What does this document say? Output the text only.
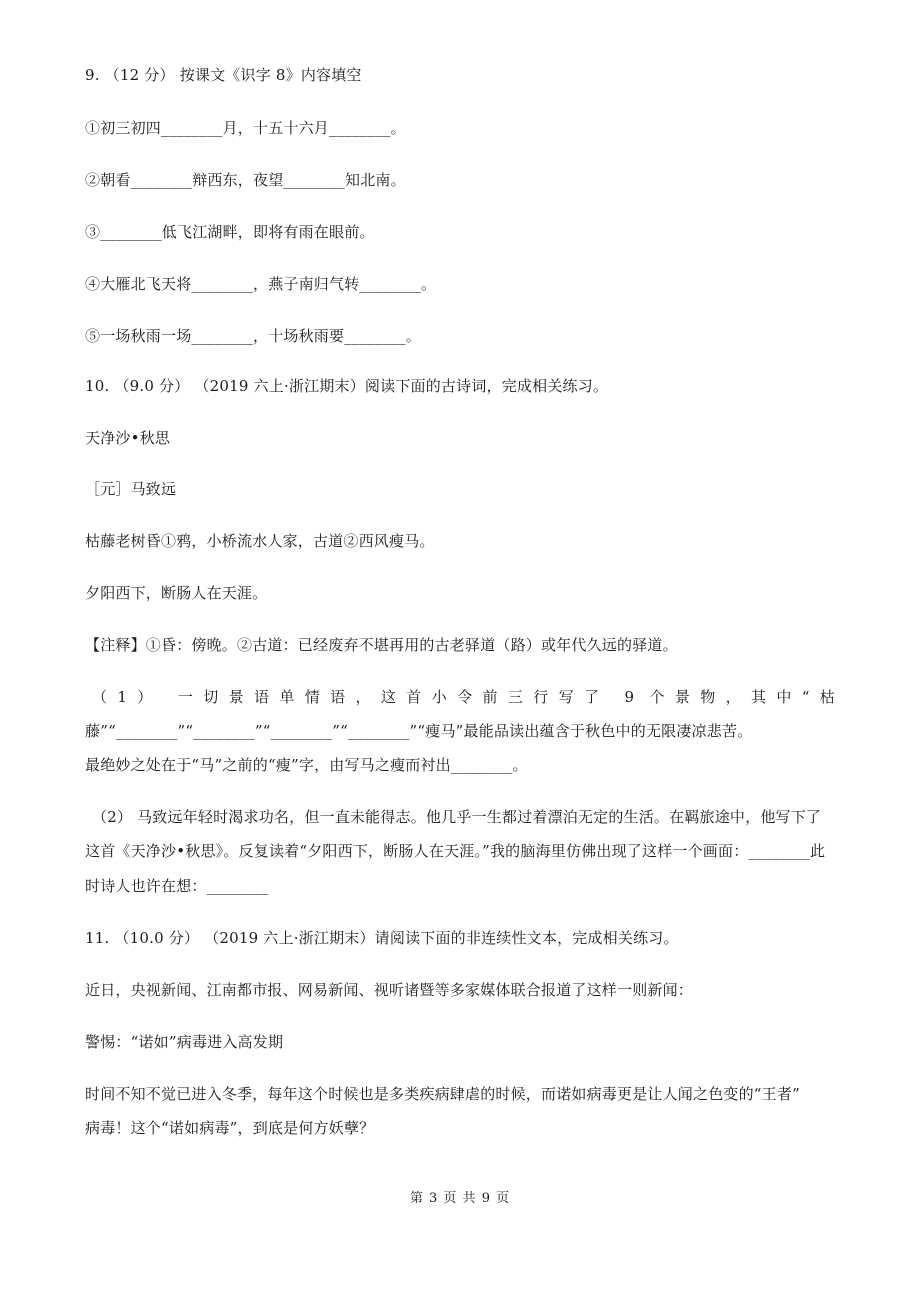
9. （12 分） 按课文《识字 8》内容填空
①初三初四________月，十五十六月________。
②朝看________辩西东，夜望________知北南。
③________低飞江湖畔，即将有雨在眼前。
④大雁北飞天将________，燕子南归气转________。
⑤一场秋雨一场________，十场秋雨要________。
10. （9.0 分） （2019 六上·浙江期末）阅读下面的古诗词，完成相关练习。
天净沙•秋思
［元］马致远
枯藤老树昏①鸦，小桥流水人家，古道②西风瘦马。
夕阳西下，断肠人在天涯。
【注释】①昏：傍晚。②古道：已经废弃不堪再用的古老驿道（路）或年代久远的驿道。
（1） 一切景语单情语，这首小令前三行写了 9 个景物，其中“枯
藤”“________”“________”“________”“________”“瘦马”最能品读出蕴含于秋色中的无限凄凉悲苦。
最绝妙之处在于“马”之前的“瘦”字，由写马之瘦而衬出________。
（2） 马致远年轻时渴求功名，但一直未能得志。他几乎一生都过着漂泊无定的生活。在羁旅途中，他写下了
这首《天净沙•秋思》。反复读着“夕阳西下，断肠人在天涯。”我的脑海里仿佛出现了这样一个画面：________此
时诗人也许在想：________
11. （10.0 分） （2019 六上·浙江期末）请阅读下面的非连续性文本，完成相关练习。
近日，央视新闻、江南都市报、网易新闻、视听诸暨等多家媒体联合报道了这样一则新闻：
警惕：“诺如”病毒进入高发期
时间不知不觉已进入冬季，每年这个时候也是多类疾病肆虐的时候，而诺如病毒更是让人闻之色变的“王者”
病毒！这个“诺如病毒”，到底是何方妖孽？
第 3 页 共 9 页
